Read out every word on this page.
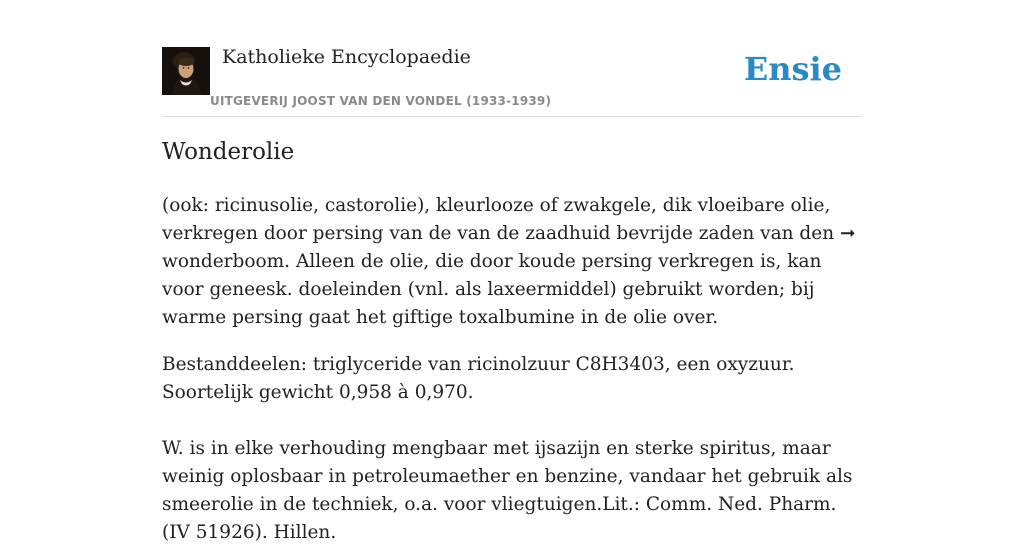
Katholieke Encyclopaedie
UITGEVERIJ JOOST VAN DEN VONDEL (1933-1939)
Ensie
Wonderolie

(ook: ricinusolie, castorolie), kleurlooze of zwakgele, dik vloeibare olie, verkregen door persing van de van de zaadhuid bevrijde zaden van den ➞ wonderboom. Alleen de olie, die door koude persing verkregen is, kan voor geneesk. doeleinden (vnl. als laxeermiddel) gebruikt worden; bij warme persing gaat het giftige toxalbumine in de olie over.

Bestanddeelen: triglyceride van ricinolzuur C8H3403, een oxyzuur. Soortelijk gewicht 0,958 à 0,970.

W. is in elke verhouding mengbaar met ijsazijn en sterke spiritus, maar weinig oplosbaar in petroleumaether en benzine, vandaar het gebruik als smeerolie in de techniek, o.a. voor vliegtuigen.Lit.: Comm. Ned. Pharm. (IV 51926). Hillen.
